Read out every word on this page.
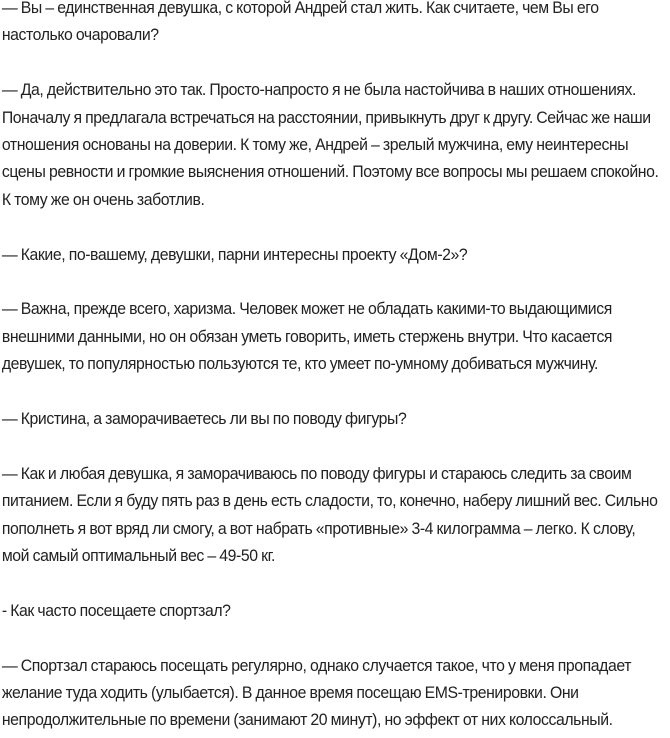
— Вы – единственная девушка, с которой Андрей стал жить. Как считаете, чем Вы его настолько очаровали?

— Да, действительно это так. Просто-напросто я не была настойчива в наших отношениях. Поначалу я предлагала встречаться на расстоянии, привыкнуть друг к другу. Сейчас же наши отношения основаны на доверии. К тому же, Андрей – зрелый мужчина, ему неинтересны сцены ревности и громкие выяснения отношений. Поэтому все вопросы мы решаем спокойно. К тому же он очень заботлив.

— Какие, по-вашему, девушки, парни интересны проекту «Дом-2»?

— Важна, прежде всего, харизма. Человек может не обладать какими-то выдающимися внешними данными, но он обязан уметь говорить, иметь стержень внутри. Что касается девушек, то популярностью пользуются те, кто умеет по-умному добиваться мужчину.

— Кристина, а заморачиваетесь ли вы по поводу фигуры?

— Как и любая девушка, я заморачиваюсь по поводу фигуры и стараюсь следить за своим питанием. Если я буду пять раз в день есть сладости, то, конечно, наберу лишний вес. Сильно пополнеть я вот вряд ли смогу, а вот набрать «противные» 3-4 килограмма – легко. К слову, мой самый оптимальный вес – 49-50 кг.

- Как часто посещаете спортзал?

— Спортзал стараюсь посещать регулярно, однако случается такое, что у меня пропадает желание туда ходить (улыбается). В данное время посещаю EMS-тренировки. Они непродолжительные по времени (занимают 20 минут), но эффект от них колоссальный.
